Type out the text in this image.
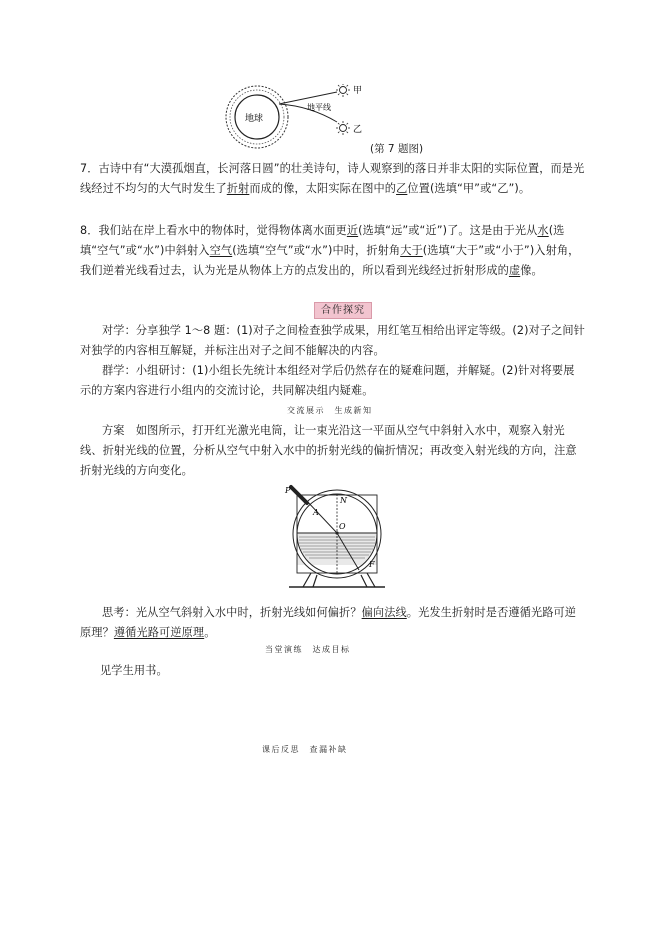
地球
地平线
甲
乙
(第 7 题图)
7．古诗中有“大漠孤烟直，长河落日圆”的壮美诗句，诗人观察到的落日并非太阳的实际位置，而是光线经过不均匀的大气时发生了折射而成的像，太阳实际在图中的乙位置(选填“甲”或“乙”)。
8．我们站在岸上看水中的物体时，觉得物体离水面更近(选填“远”或“近”)了。这是由于光从水(选填“空气”或“水”)中斜射入空气(选填“空气”或“水”)中时，折射角大于(选填“大于”或“小于”)入射角，我们逆着光线看过去，认为光是从物体上方的点发出的，所以看到光线经过折射形成的虚像。
合作探究
对学：分享独学 1～8 题：(1)对子之间检查独学成果，用红笔互相给出评定等级。(2)对子之间针对独学的内容相互解疑，并标注出对子之间不能解决的内容。
群学：小组研讨：(1)小组长先统计本组经对学后仍然存在的疑难问题，并解疑。(2)针对将要展示的方案内容进行小组内的交流讨论，共同解决组内疑难。
交流展示　生成新知
方案　如图所示，打开红光激光电筒，让一束光沿这一平面从空气中斜射入水中，观察入射光线、折射光线的位置，分析从空气中射入水中的折射光线的偏折情况；再改变入射光线的方向，注意折射光线的方向变化。
P
N
O
A
F
思考：光从空气斜射入水中时，折射光线如何偏折？偏向法线。光发生折射时是否遵循光路可逆原理？遵循光路可逆原理。
当堂演练　达成目标
见学生用书。
课后反思　查漏补缺
